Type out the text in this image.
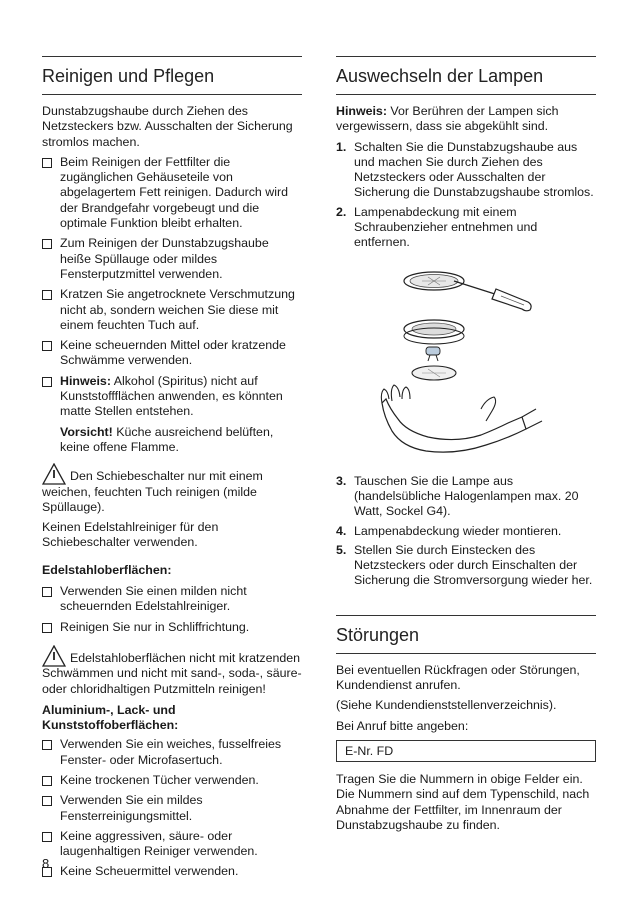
Reinigen und Pflegen

Dunstabzugshaube durch Ziehen des Netzsteckers bzw. Ausschalten der Sicherung stromlos machen.

Beim Reinigen der Fettfilter die zugänglichen Gehäuseteile von abgelagertem Fett reinigen. Dadurch wird der Brandgefahr vorgebeugt und die optimale Funktion bleibt erhalten.
Zum Reinigen der Dunstabzugshaube heiße Spüllauge oder mildes Fensterputzmittel verwenden.
Kratzen Sie angetrocknete Verschmutzung nicht ab, sondern weichen Sie diese mit einem feuchten Tuch auf.
Keine scheuernden Mittel oder kratzende Schwämme verwenden.
Hinweis: Alkohol (Spiritus) nicht auf Kunststoffflächen anwenden, es könnten matte Stellen entstehen.

Vorsicht! Küche ausreichend belüften, keine offene Flamme.

Den Schiebeschalter nur mit einem weichen, feuchten Tuch reinigen (milde Spüllauge).

Keinen Edelstahlreiniger für den Schiebeschalter verwenden.

Edelstahloberflächen:
Verwenden Sie einen milden nicht scheuernden Edelstahlreiniger.
Reinigen Sie nur in Schliffrichtung.
Edelstahloberflächen nicht mit kratzenden Schwämmen und nicht mit sand-, soda-, säure- oder chloridhaltigen Putzmitteln reinigen!
Aluminium-, Lack- und Kunststoffoberflächen:
Verwenden Sie ein weiches, fusselfreies Fenster- oder Microfasertuch.
Keine trockenen Tücher verwenden.
Verwenden Sie ein mildes Fensterreinigungsmittel.
Keine aggressiven, säure- oder laugenhaltigen Reiniger verwenden.
Keine Scheuermittel verwenden.
Auswechseln der Lampen

Hinweis: Vor Berühren der Lampen sich vergewissern, dass sie abgekühlt sind.

1. Schalten Sie die Dunstabzugshaube aus und machen Sie durch Ziehen des Netzsteckers oder Ausschalten der Sicherung die Dunstabzugshaube stromlos.
2. Lampenabdeckung mit einem Schraubenzieher entnehmen und entfernen.
3. Tauschen Sie die Lampe aus (handelsübliche Halogenlampen max. 20 Watt, Sockel G4).
4. Lampenabdeckung wieder montieren.
5. Stellen Sie durch Einstecken des Netzsteckers oder durch Einschalten der Sicherung die Stromversorgung wieder her.
Störungen

Bei eventuellen Rückfragen oder Störungen, Kundendienst anrufen.

(Siehe Kundendienststellenverzeichnis).

Bei Anruf bitte angeben:

E-Nr. FD

Tragen Sie die Nummern in obige Felder ein. Die Nummern sind auf dem Typenschild, nach Abnahme der Fettfilter, im Innenraum der Dunstabzugshaube zu finden.

8
